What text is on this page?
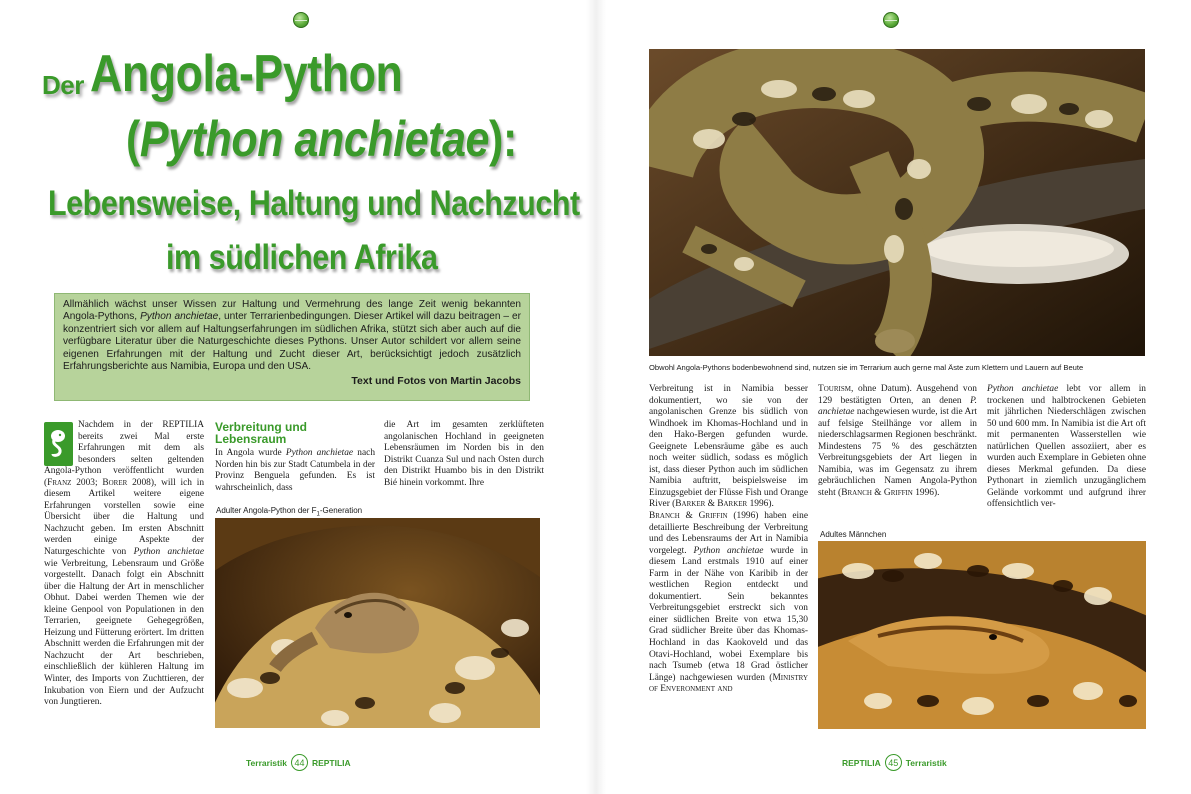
Der Angola-Python
(Python anchietae):
Lebensweise, Haltung und Nachzucht
im südlichen Afrika
Allmählich wächst unser Wissen zur Haltung und Vermehrung des lange Zeit wenig bekannten Angola-Pythons, Python anchietae, unter Terrarienbedingungen. Dieser Artikel will dazu beitragen – er konzentriert sich vor allem auf Haltungserfahrungen im südlichen Afrika, stützt sich aber auch auf die verfügbare Literatur über die Naturgeschichte dieses Pythons. Unser Autor schildert vor allem seine eigenen Erfahrungen mit der Haltung und Zucht dieser Art, berücksichtigt jedoch zusätzlich Erfahrungsberichte aus Namibia, Europa und den USA.
Text und Fotos von Martin Jacobs
Nachdem in der REPTILIA bereits zwei Mal erste Erfahrungen mit dem als besonders selten geltenden Angola-Python veröffentlicht wurden (Franz 2003; Borer 2008), will ich in diesem Artikel weitere eigene Erfahrungen vorstellen sowie eine Übersicht über die Haltung und Nachzucht geben. Im ersten Abschnitt werden einige Aspekte der Naturgeschichte von Python anchietae wie Verbreitung, Lebensraum und Größe vorgestellt. Danach folgt ein Abschnitt über die Haltung der Art in menschlicher Obhut. Dabei werden Themen wie der kleine Genpool von Populationen in den Terrarien, geeignete Gehegegrößen, Heizung und Fütterung erörtert. Im dritten Abschnitt werden die Erfahrungen mit der Nachzucht der Art beschrieben, einschließlich der kühleren Haltung im Winter, des Imports von Zuchttieren, der Inkubation von Eiern und der Aufzucht von Jungtieren.
Verbreitung und
Lebensraum
In Angola wurde Python anchietae nach Norden hin bis zur Stadt Catumbela in der Provinz Benguela gefunden. Es ist wahrscheinlich, dass
die Art im gesamten zerklüfteten angolanischen Hochland in geeigneten Lebensräumen im Norden bis in den Distrikt Cuanza Sul und nach Osten durch den Distrikt Huambo bis in den Distrikt Bié hinein vorkommt. Ihre
Adulter Angola-Python der $F_1$-Generation
Terraristik 44 REPTILIA
Obwohl Angola-Pythons bodenbewohnend sind, nutzen sie im Terrarium auch gerne mal Äste zum Klettern und Lauern auf Beute
Verbreitung ist in Namibia besser dokumentiert, wo sie von der angolanischen Grenze bis südlich von Windhoek im Khomas-Hochland und in den Hako-Bergen gefunden wurde. Geeignete Lebensräume gäbe es auch noch weiter südlich, sodass es möglich ist, dass dieser Python auch im südlichen Namibia auftritt, beispielsweise im Einzugsgebiet der Flüsse Fish und Orange River (Barker & Barker 1996).
Branch & Griffin (1996) haben eine detaillierte Beschreibung der Verbreitung und des Lebensraums der Art in Namibia vorgelegt. Python anchietae wurde in diesem Land erstmals 1910 auf einer Farm in der Nähe von Karibib in der westlichen Region entdeckt und dokumentiert. Sein bekanntes Verbreitungsgebiet erstreckt sich von einer südlichen Breite von etwa 15,30 Grad südlicher Breite über das Khomas-Hochland in das Kaokoveld und das Otavi-Hochland, wobei Exemplare bis nach Tsumeb (etwa 18 Grad östlicher Länge) nachgewiesen wurden (Ministry of Enveronment and
Tourism, ohne Datum). Ausgehend von 129 bestätigten Orten, an denen P. anchietae nachgewiesen wurde, ist die Art auf felsige Steilhänge vor allem in niederschlagsarmen Regionen beschränkt. Mindestens 75 % des geschätzten Verbreitungsgebiets der Art liegen in Namibia, was im Gegensatz zu ihrem gebräuchlichen Namen Angola-Python steht (Branch & Griffin 1996).
Python anchietae lebt vor allem in trockenen und halbtrockenen Gebieten mit jährlichen Niederschlägen zwischen 50 und 600 mm. In Namibia ist die Art oft mit permanenten Wasserstellen wie natürlichen Quellen assoziiert, aber es wurden auch Exemplare in Gebieten ohne dieses Merkmal gefunden. Da diese Pythonart in ziemlich unzugänglichem Gelände vorkommt und aufgrund ihrer offensichtlich ver-
Adultes Männchen
REPTILIA 45 Terraristik
